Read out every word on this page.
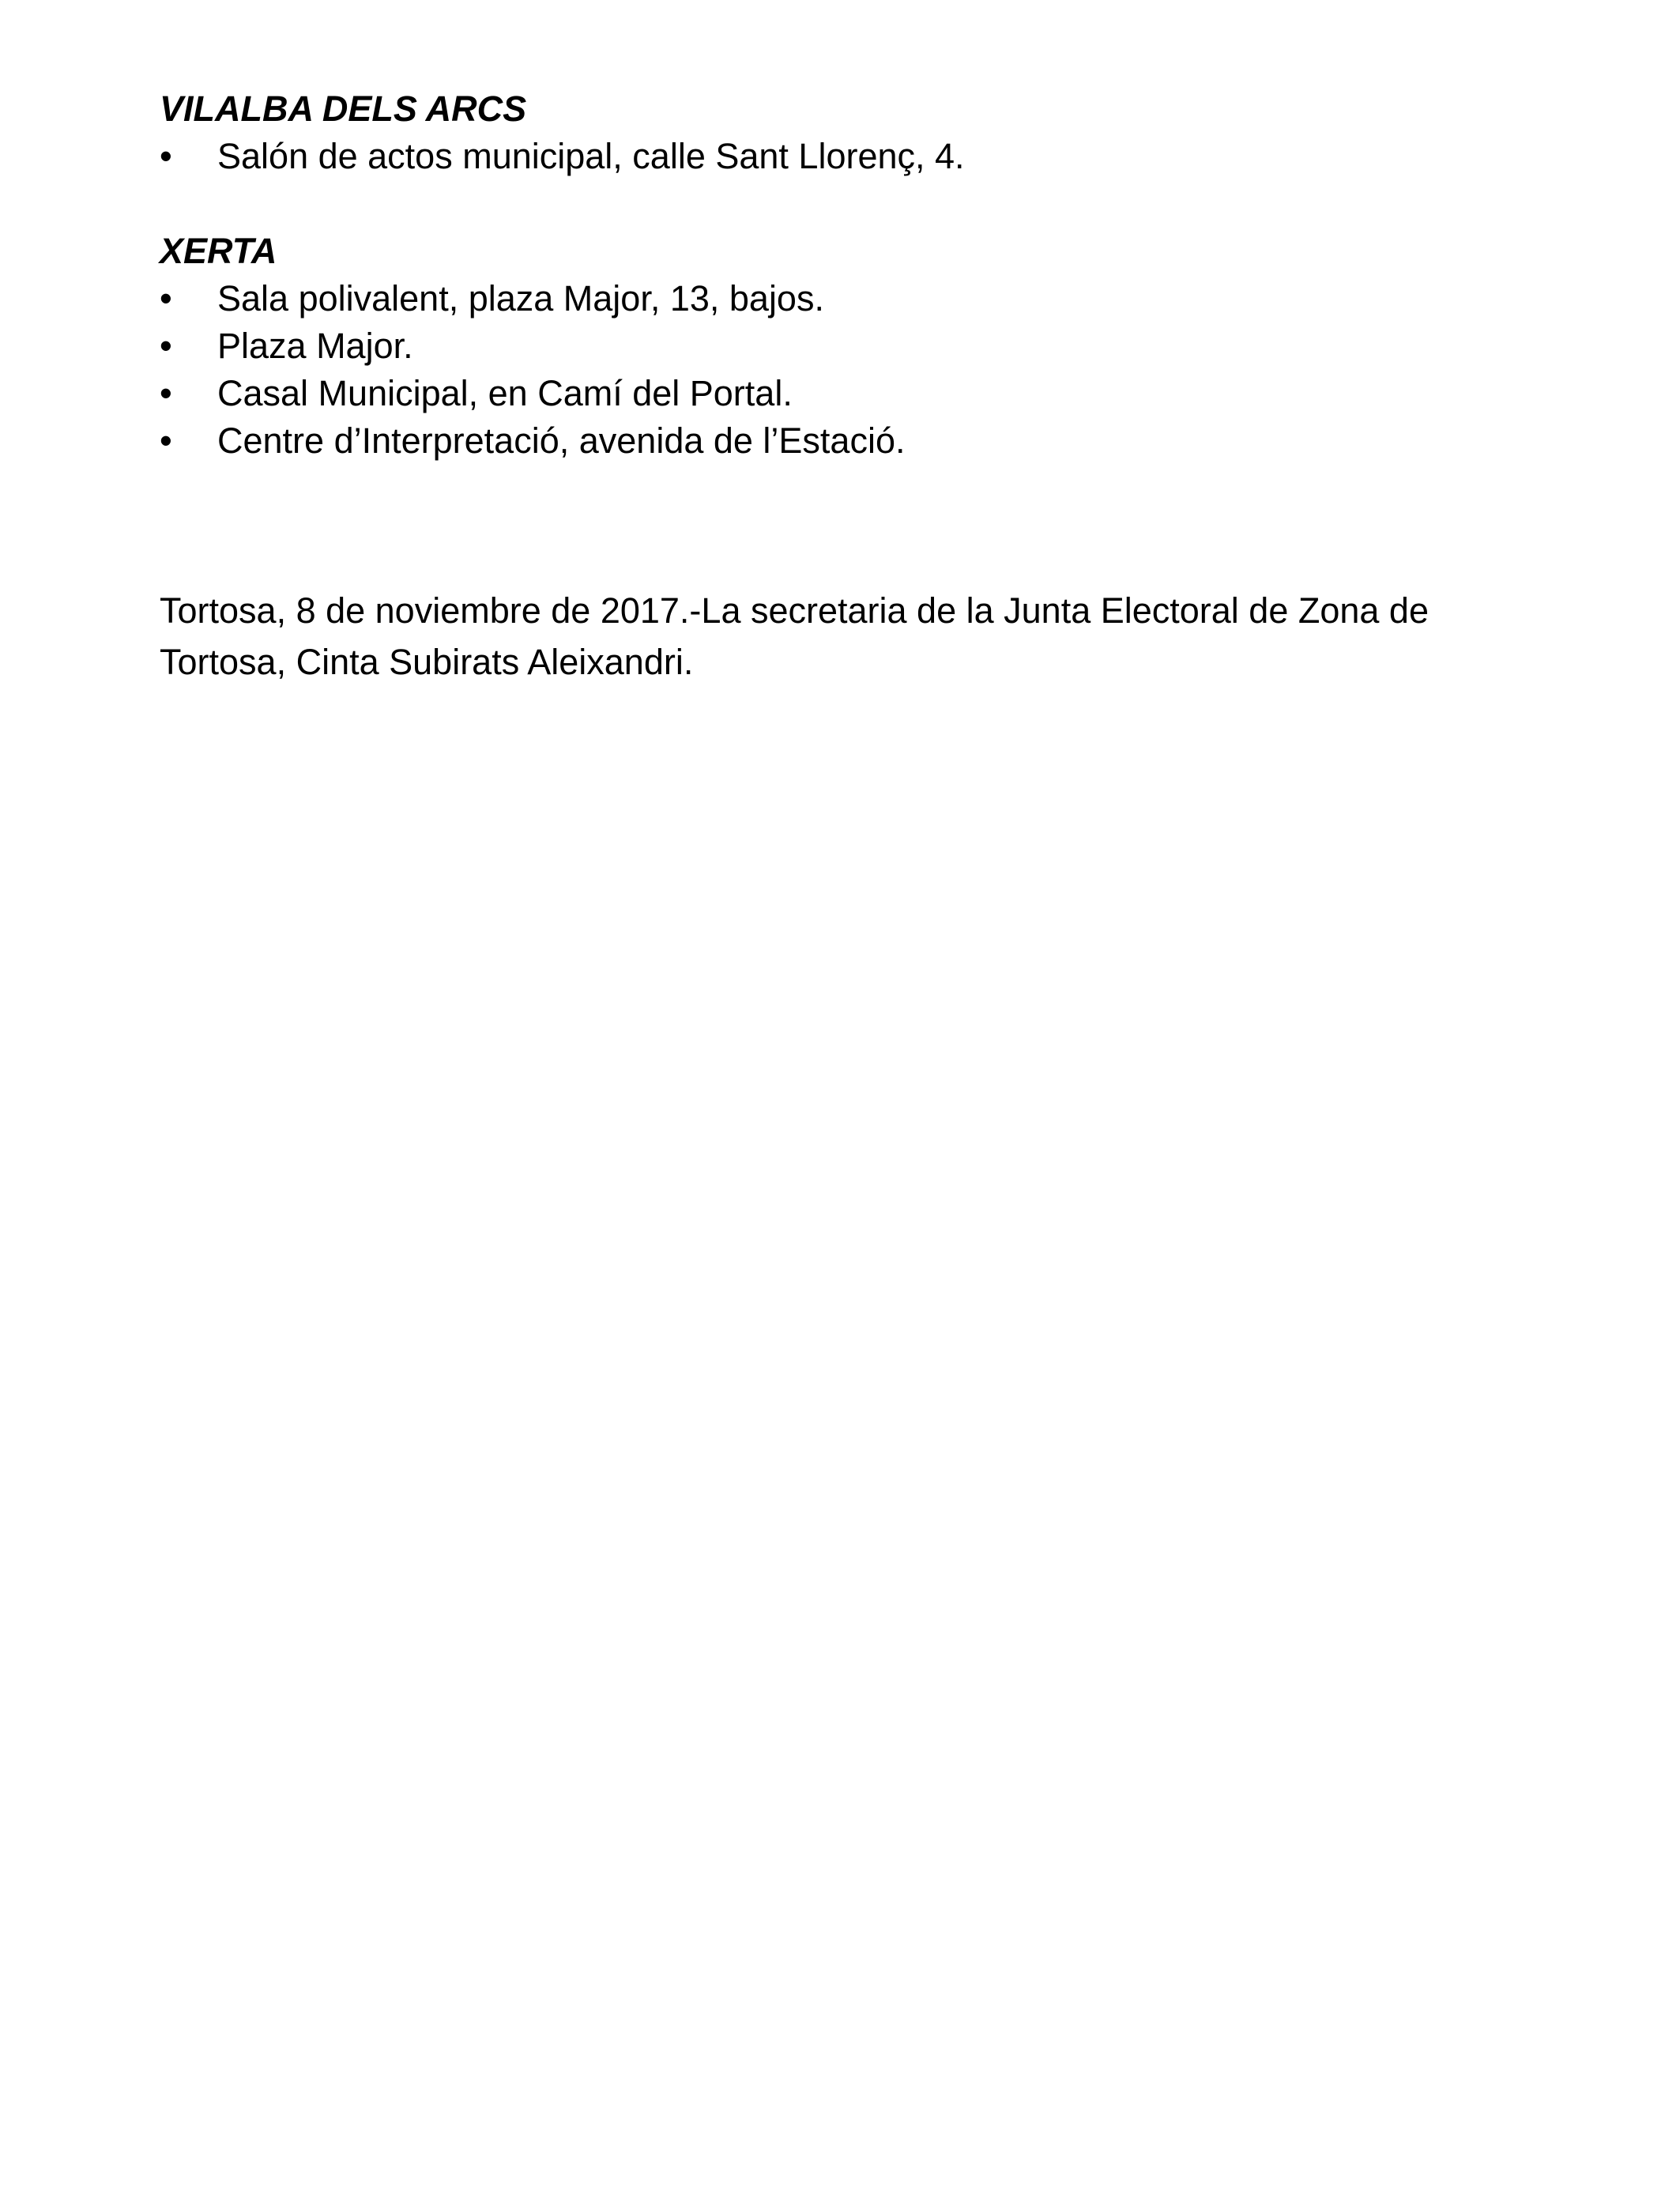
VILALBA DELS ARCS

•	Salón de actos municipal, calle Sant Llorenç, 4.

XERTA

•	Sala polivalent, plaza Major, 13, bajos.
•	Plaza Major.
•	Casal Municipal, en Camí del Portal.
•	Centre d’Interpretació, avenida de l’Estació.
Tortosa, 8 de noviembre de 2017.-La secretaria de la Junta Electoral de Zona de
Tortosa, Cinta Subirats Aleixandri.
